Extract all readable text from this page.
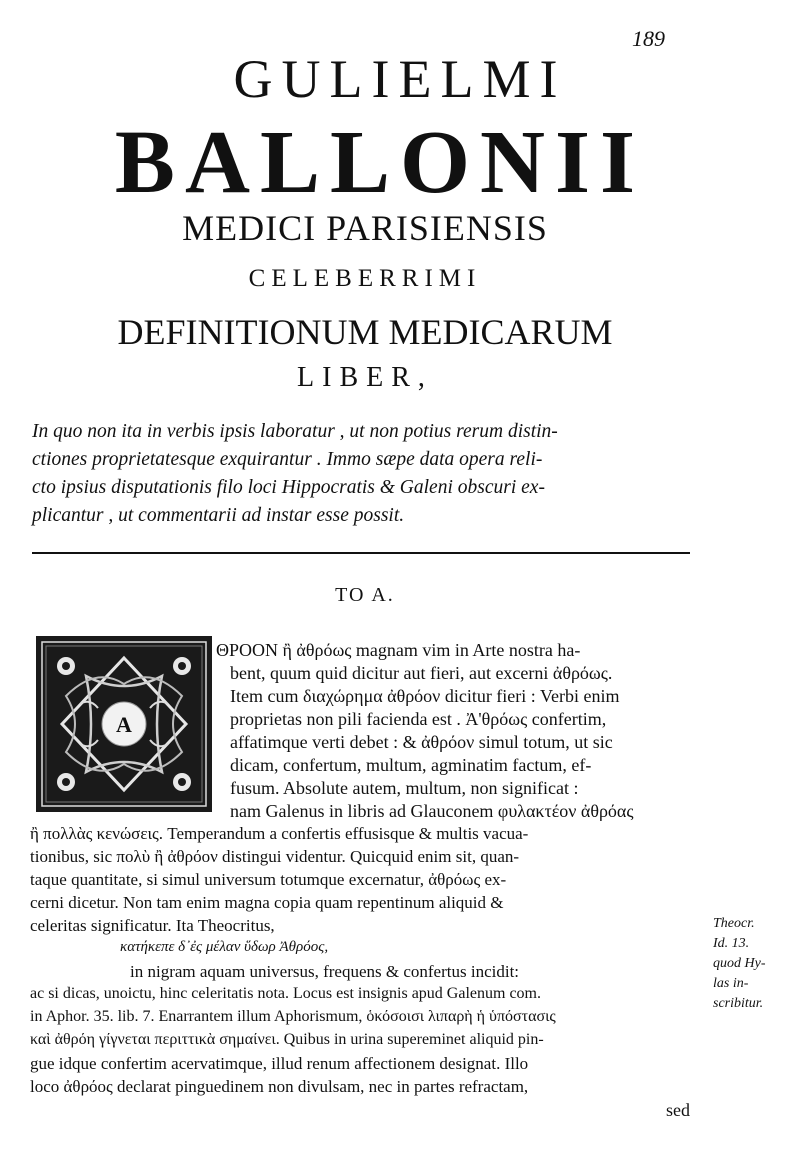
189
GULIELMI
BALLONII
MEDICI PARISIENSIS
CELEBERRIMI
DEFINITIONUM MEDICARUM
LIBER,
In quo non ita in verbis ipsis laboratur , ut non potius rerum distin-
ctiones proprietatesque exquirantur . Immo sæpe data opera reli-
cto ipsius disputationis filo loci Hippocratis & Galeni obscuri ex-
plicantur , ut commentarii ad instar esse possit.
TO A.
A
ΘΡΟΟΝ ἢ ἀθρόως magnam vim in Arte nostra ha-
bent, quum quid dicitur aut fieri, aut excerni ἀθρόως.
Item cum διαχώρημα ἀθρόον dicitur fieri : Verbi enim
proprietas non pili facienda est . Ἀ'θρόως confertim,
affatimque verti debet : & ἀθρόον simul totum, ut sic
dicam, confertum, multum, agminatim factum, ef-
fusum. Absolute autem, multum, non significat :
nam Galenus in libris ad Glauconem φυλακτέον ἀθρόας
ἢ πολλὰς κενώσεις. Temperandum a confertis effusisque & multis vacua-
tionibus, sic πολὺ ἢ ἀθρόον distingui videntur. Quicquid enim sit, quan-
taque quantitate, si simul universum totumque excernatur, ἀθρόως ex-
cerni dicetur. Non tam enim magna copia quam repentinum aliquid &
celeritas significatur. Ita Theocritus,
κατήκεπε δ᾽ἐς μέλαν ὕδωρ Ἀθρόος,
in nigram aquam universus, frequens & confertus incidit:
ac si dicas, unoictu, hinc celeritatis nota. Locus est insignis apud Galenum com.
in Aphor. 35. lib. 7. Enarrantem illum Aphorismum, ὁκόσοισι λιπαρὴ ἡ ὑπόστασις
καὶ ἀθρόη γίγνεται περιττικὰ σημαίνει. Quibus in urina supereminet aliquid pin-
gue idque confertim acervatimque, illud renum affectionem designat. Illo
loco ἀθρόος declarat pinguedinem non divulsam, nec in partes refractam,
sed
Theocr.
Id. 13.
quod Hy-
las in-
scribitur.
